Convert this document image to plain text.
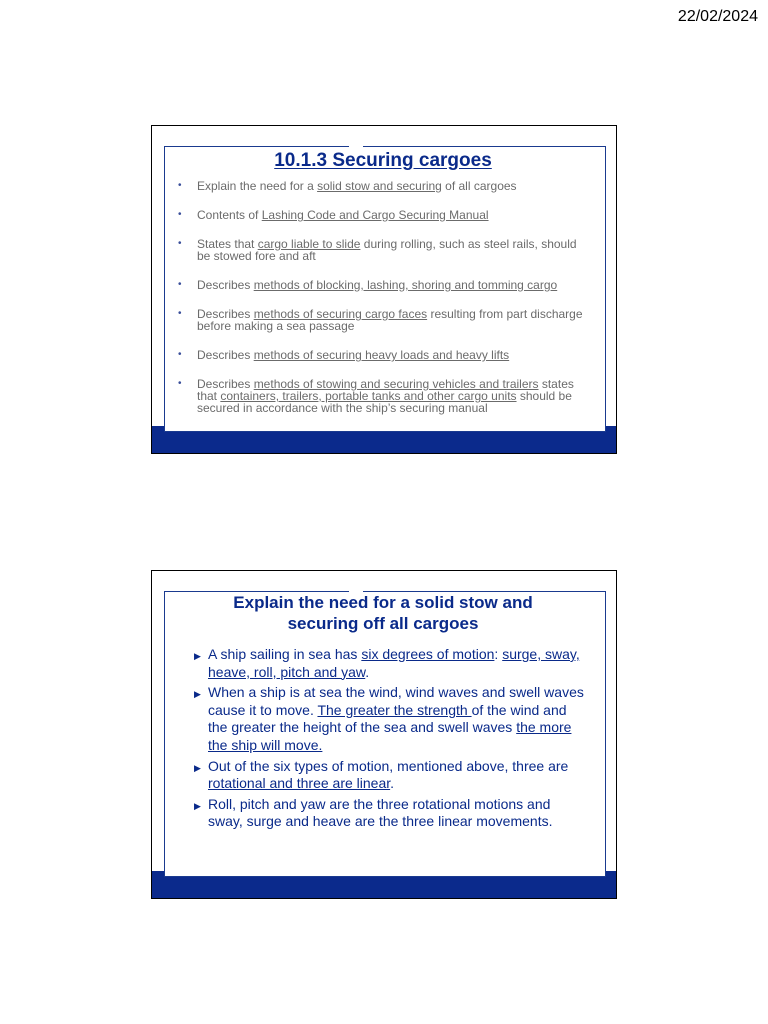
22/02/2024
10.1.3 Securing cargoes
• Explain the need for a solid stow and securing of all cargoes
• Contents of Lashing Code and Cargo Securing Manual
• States that cargo liable to slide during rolling, such as steel rails, should be stowed fore and aft
• Describes methods of blocking, lashing, shoring and tomming cargo
• Describes methods of securing cargo faces resulting from part discharge before making a sea passage
• Describes methods of securing heavy loads and heavy lifts
• Describes methods of stowing and securing vehicles and trailers states that containers, trailers, portable tanks and other cargo units should be secured in accordance with the ship’s securing manual
Explain the need for a solid stow and
securing off all cargoes
▶ A ship sailing in sea has six degrees of motion: surge, sway, heave, roll, pitch and yaw.
▶ When a ship is at sea the wind, wind waves and swell waves cause it to move. The greater the strength of the wind and the greater the height of the sea and swell waves the more the ship will move.
▶ Out of the six types of motion, mentioned above, three are rotational and three are linear.
▶ Roll, pitch and yaw are the three rotational motions and sway, surge and heave are the three linear movements.
